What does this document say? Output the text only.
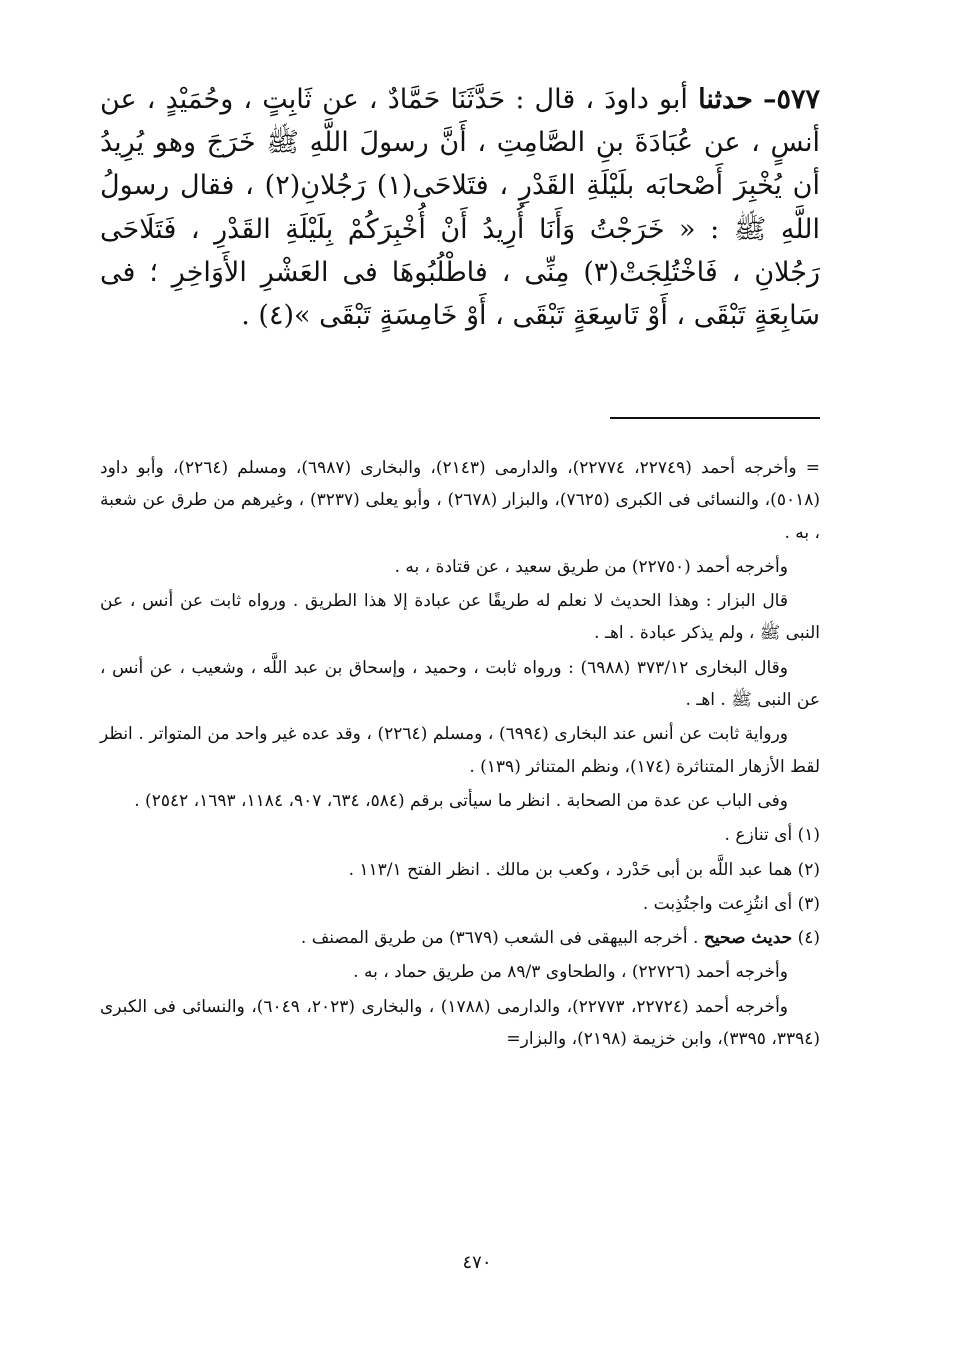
٥٧٧– حدثنا أبو داودَ ، قال : حَدَّثَنَا حَمَّادٌ ، عن ثَابِتٍ ، وحُمَيْدٍ ، عن أنسٍ ، عن عُبَادَةَ بنِ الصَّامِتِ ، أَنَّ رسولَ اللَّهِ ﷺ خَرَجَ وهو يُرِيدُ أن يُخْبِرَ أَصْحابَه بلَيْلَةِ القَدْرِ ، فتَلاحَى(١) رَجُلانِ(٢) ، فقال رسولُ اللَّهِ ﷺ : « خَرَجْتُ وَأَنَا أُرِيدُ أَنْ أُخْبِرَكُمْ بِلَيْلَةِ القَدْرِ ، فَتَلَاحَى رَجُلانِ ، فَاخْتُلِجَتْ(٣) مِنِّى ، فاطْلُبُوهَا فى العَشْرِ الأَوَاخِرِ ؛ فى سَابِعَةٍ تَبْقَى ، أَوْ تَاسِعَةٍ تَبْقَى ، أَوْ خَامِسَةٍ تَبْقَى »(٤) .

= وأخرجه أحمد (٢٢٧٤٩، ٢٢٧٧٤)، والدارمى (٢١٤٣)، والبخارى (٦٩٨٧)، ومسلم (٢٢٦٤)، وأبو داود (٥٠١٨)، والنسائى فى الكبرى (٧٦٢٥)، والبزار (٢٦٧٨) ، وأبو يعلى (٣٢٣٧) ، وغيرهم من طرق عن شعبة ، به .

وأخرجه أحمد (٢٢٧٥٠) من طريق سعيد ، عن قتادة ، به .

قال البزار : وهذا الحديث لا نعلم له طريقًا عن عبادة إلا هذا الطريق . ورواه ثابت عن أنس ، عن النبى ﷺ ، ولم يذكر عبادة . اهـ .

وقال البخارى ٣٧٣/١٢ (٦٩٨٨) : ورواه ثابت ، وحميد ، وإسحاق بن عبد اللَّه ، وشعيب ، عن أنس ، عن النبى ﷺ . اهـ .

ورواية ثابت عن أنس عند البخارى (٦٩٩٤) ، ومسلم (٢٢٦٤) ، وقد عده غير واحد من المتواتر . انظر لقط الأزهار المتناثرة (١٧٤)، ونظم المتناثر (١٣٩) .

وفى الباب عن عدة من الصحابة . انظر ما سيأتى برقم (٥٨٤، ٦٣٤، ٩٠٧، ١١٨٤، ١٦٩٣، ٢٥٤٢) .

(١) أى تنازع .

(٢) هما عبد اللَّه بن أبى حَدْرد ، وكعب بن مالك . انظر الفتح ١١٣/١ .

(٣) أى انتُزِعت واجتُذِبت .

(٤) حديث صحيح . أخرجه البيهقى فى الشعب (٣٦٧٩) من طريق المصنف .

وأخرجه أحمد (٢٢٧٢٦) ، والطحاوى ٨٩/٣ من طريق حماد ، به .

وأخرجه أحمد (٢٢٧٢٤، ٢٢٧٧٣)، والدارمى (١٧٨٨) ، والبخارى (٢٠٢٣، ٦٠٤٩)، والنسائى فى الكبرى (٣٣٩٤، ٣٣٩٥)، وابن خزيمة (٢١٩٨)، والبزار=

٤٧٠
